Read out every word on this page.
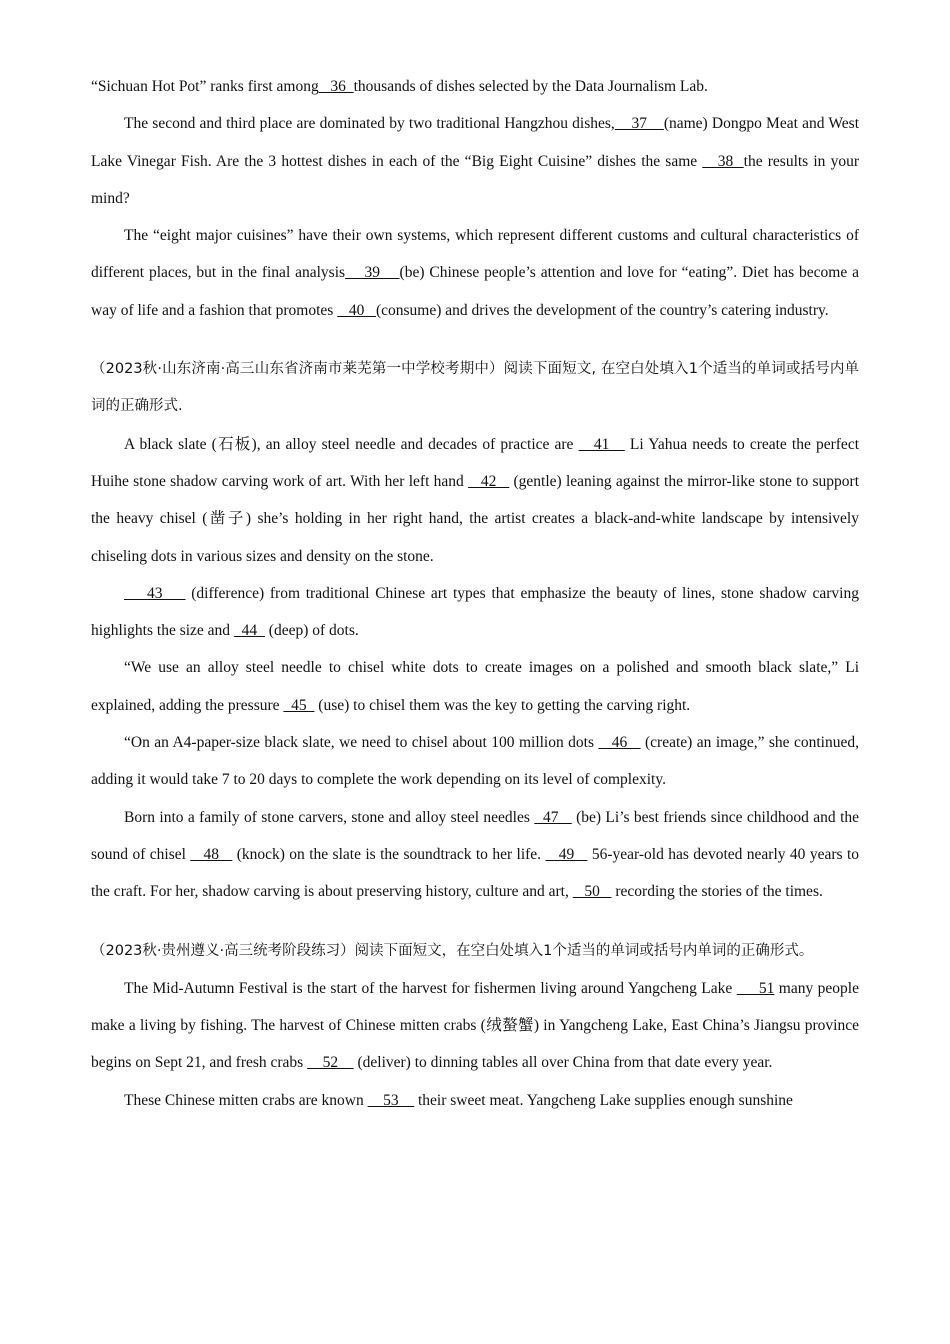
“Sichuan Hot Pot” ranks first among   36  thousands of dishes selected by the Data Journalism Lab.

The second and third place are dominated by two traditional Hangzhou dishes,    37    (name) Dongpo Meat and West Lake Vinegar Fish. Are the 3 hottest dishes in each of the “Big Eight Cuisine” dishes the same    38  the results in your mind?

The “eight major cuisines” have their own systems, which represent different customs and cultural characteristics of different places, but in the final analysis    39    (be) Chinese people’s attention and love for “eating”. Diet has become a way of life and a fashion that promotes    40   (consume) and drives the development of the country’s catering industry.

（2023秋·山东济南·高三山东省济南市莱芜第一中学校考期中）阅读下面短文, 在空白处填入1个适当的单词或括号内单词的正确形式.

A black slate (石板), an alloy steel needle and decades of practice are    41    Li Yahua needs to create the perfect Huihe stone shadow carving work of art. With her left hand    42    (gentle) leaning against the mirror-like stone to support the heavy chisel (凿子) she’s holding in her right hand, the artist creates a black-and-white landscape by intensively chiseling dots in various sizes and density on the stone.

43     (difference) from traditional Chinese art types that emphasize the beauty of lines, stone shadow carving highlights the size and   44   (deep) of dots.

“We use an alloy steel needle to chisel white dots to create images on a polished and smooth black slate,” Li explained, adding the pressure   45   (use) to chisel them was the key to getting the carving right.

“On an A4-paper-size black slate, we need to chisel about 100 million dots    46    (create) an image,” she continued, adding it would take 7 to 20 days to complete the work depending on its level of complexity.

Born into a family of stone carvers, stone and alloy steel needles   47    (be) Li’s best friends since childhood and the sound of chisel    48    (knock) on the slate is the soundtrack to her life.    49    56-year-old has devoted nearly 40 years to the craft. For her, shadow carving is about preserving history, culture and art,    50    recording the stories of the times.

（2023秋·贵州遵义·高三统考阶段练习）阅读下面短文，在空白处填入1个适当的单词或括号内单词的正确形式。

The Mid-Autumn Festival is the start of the harvest for fishermen living around Yangcheng Lake      51 many people make a living by fishing. The harvest of Chinese mitten crabs (绒螯蟹) in Yangcheng Lake, East China’s Jiangsu province begins on Sept 21, and fresh crabs     52     (deliver) to dinning tables all over China from that date every year.

These Chinese mitten crabs are known     53     their sweet meat. Yangcheng Lake supplies enough sunshine
